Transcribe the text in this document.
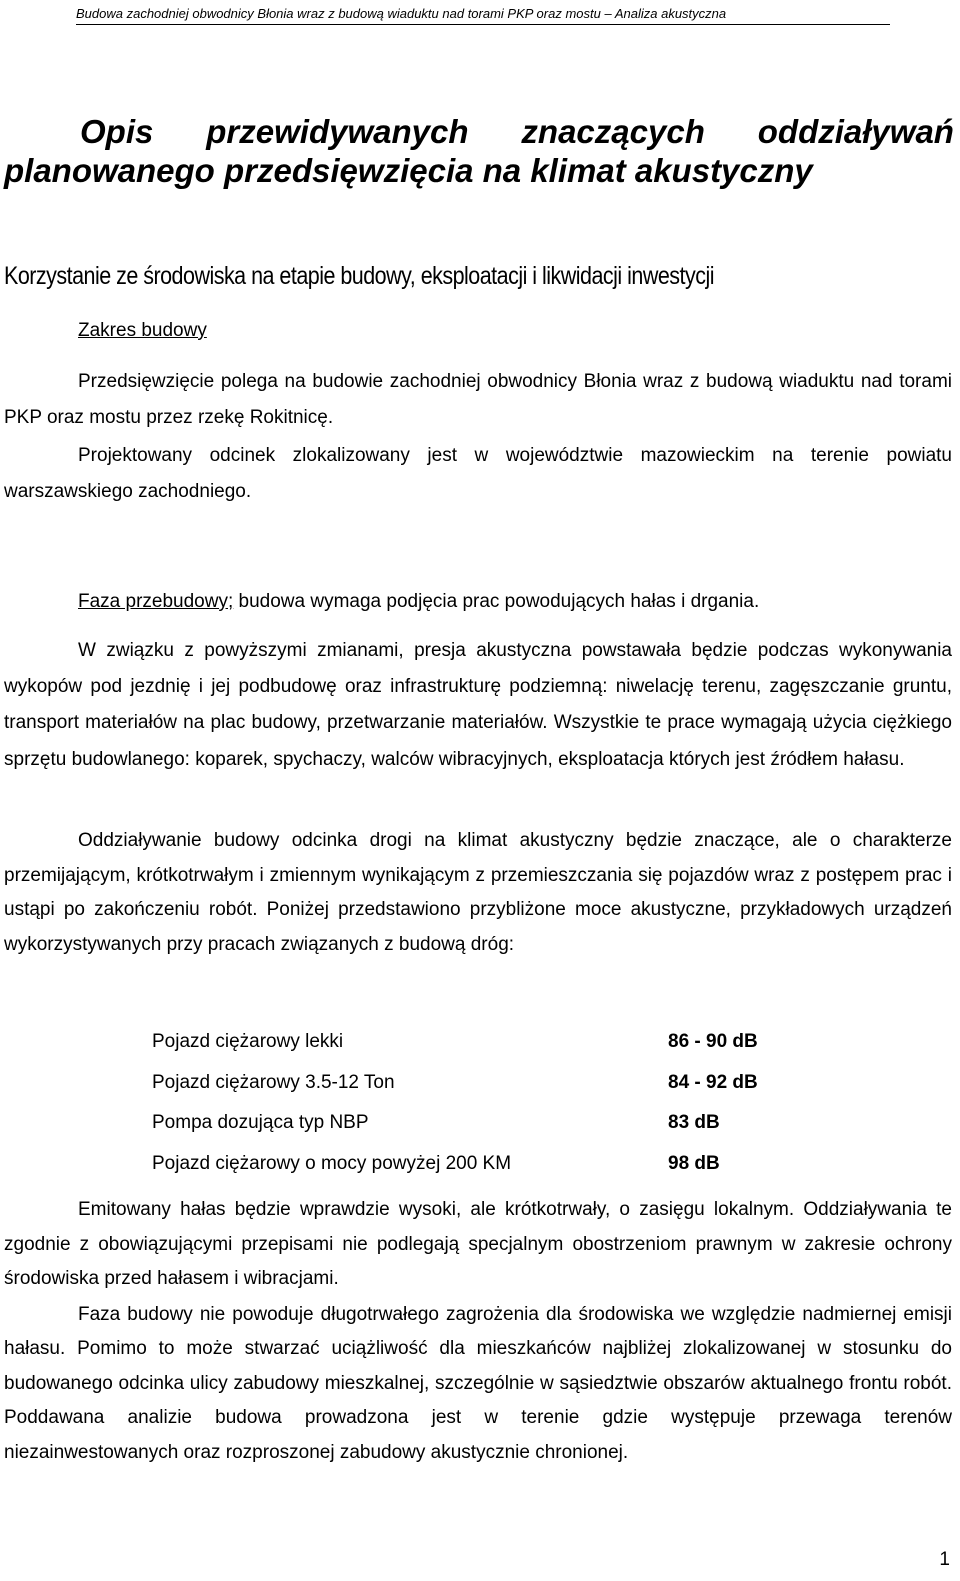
Budowa zachodniej obwodnicy Błonia wraz z budową wiaduktu nad torami PKP oraz mostu – Analiza akustyczna
Opis przewidywanych znaczących oddziaływań
planowanego przedsięwzięcia na klimat akustyczny
Korzystanie ze środowiska na etapie budowy, eksploatacji i likwidacji inwestycji
Zakres budowy
Przedsięwzięcie polega na budowie zachodniej obwodnicy Błonia wraz z budową wiaduktu nad torami PKP oraz mostu przez rzekę Rokitnicę.
Projektowany odcinek zlokalizowany jest w województwie mazowieckim na terenie powiatu warszawskiego zachodniego.
Faza przebudowy; budowa wymaga podjęcia prac powodujących hałas i drgania.
W związku z powyższymi zmianami, presja akustyczna powstawała będzie podczas wykonywania wykopów pod jezdnię i jej podbudowę oraz infrastrukturę podziemną: niwelację terenu, zagęszczanie gruntu, transport materiałów na plac budowy, przetwarzanie materiałów. Wszystkie te prace wymagają użycia ciężkiego sprzętu budowlanego: koparek, spychaczy, walców wibracyjnych, eksploatacja których jest źródłem hałasu.
Oddziaływanie budowy odcinka drogi na klimat akustyczny będzie znaczące, ale o charakterze przemijającym, krótkotrwałym i zmiennym wynikającym z przemieszczania się pojazdów wraz z postępem prac i ustąpi po zakończeniu robót. Poniżej przedstawiono przybliżone moce akustyczne, przykładowych urządzeń wykorzystywanych przy pracach związanych z budową dróg:
Pojazd ciężarowy lekki	86 - 90 dB
Pojazd ciężarowy 3.5-12 Ton	84 - 92 dB
Pompa dozująca typ NBP	83 dB
Pojazd ciężarowy o mocy powyżej 200 KM	98 dB
Emitowany hałas będzie wprawdzie wysoki, ale krótkotrwały, o zasięgu lokalnym. Oddziaływania te zgodnie z obowiązującymi przepisami nie podlegają specjalnym obostrzeniom prawnym w zakresie ochrony środowiska przed hałasem i wibracjami.
Faza budowy nie powoduje długotrwałego zagrożenia dla środowiska we względzie nadmiernej emisji hałasu. Pomimo to może stwarzać uciążliwość dla mieszkańców najbliżej zlokalizowanej w stosunku do budowanego odcinka ulicy zabudowy mieszkalnej, szczególnie w sąsiedztwie obszarów aktualnego frontu robót. Poddawana analizie budowa prowadzona jest w terenie gdzie występuje przewaga terenów niezainwestowanych oraz rozproszonej zabudowy akustycznie chronionej.
1
